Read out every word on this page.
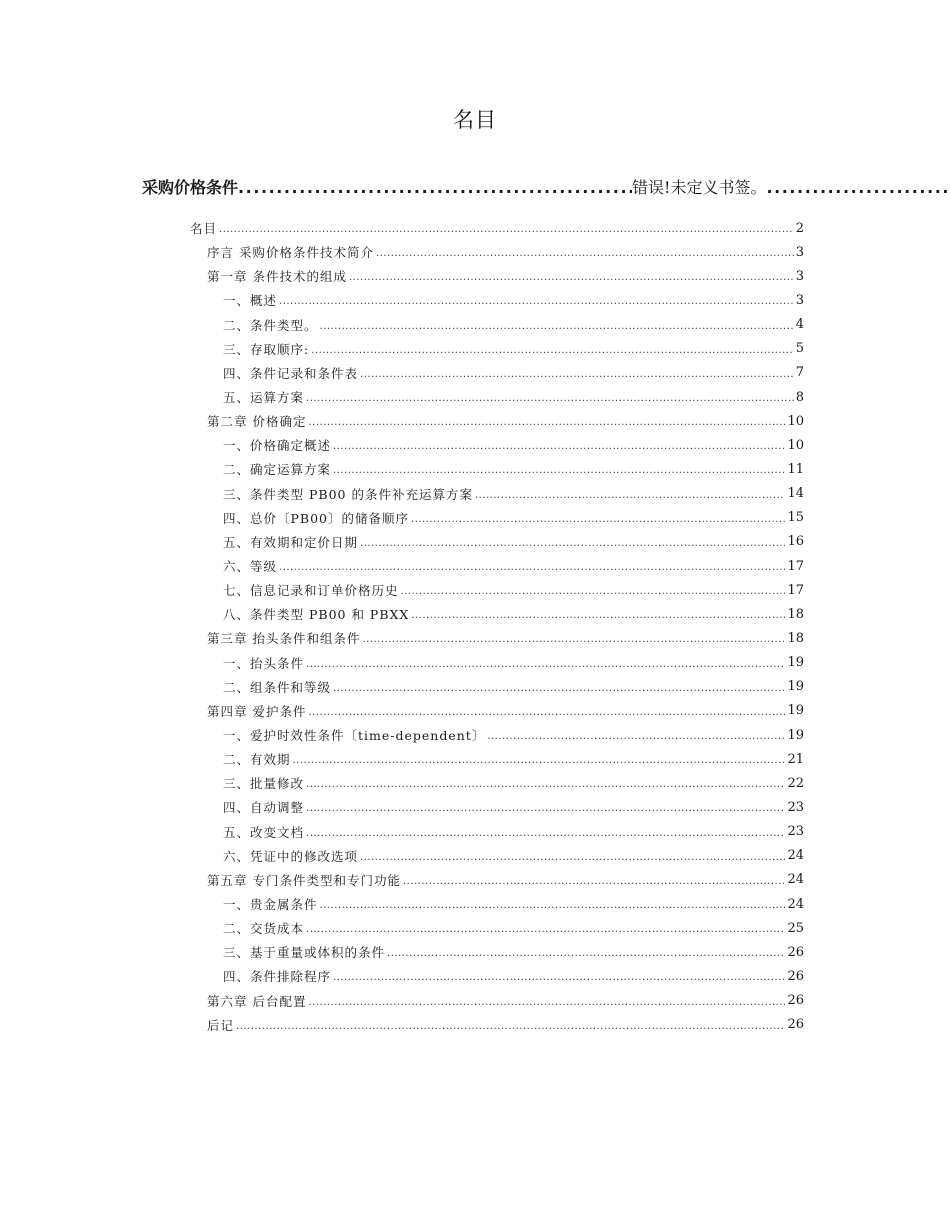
名目
采购价格条件 . . .	错误!未定义书签。
. . .
名目 .....	2
序言 采购价格条件技术简介 .....	3
第一章 条件技术的组成 .....	3
一、概述 .....	3
二、条件类型。 .....	4
三、存取顺序: .....	5
四、条件记录和条件表 .....	7
五、运算方案 .....	8
第二章 价格确定 .....	10
一、价格确定概述 .....	10
二、确定运算方案 .....	11
三、条件类型 PB00 的条件补充运算方案 .....	14
四、总价〔PB00〕的储备顺序 .....	15
五、有效期和定价日期 .....	16
六、等级 .....	17
七、信息记录和订单价格历史 .....	17
八、条件类型 PB00 和 PBXX .....	18
第三章 抬头条件和组条件 .....	18
一、抬头条件 .....	19
二、组条件和等级 .....	19
第四章 爱护条件 .....	19
一、爱护时效性条件〔time-dependent〕 .....	19
二、有效期 .....	21
三、批量修改 .....	22
四、自动调整 .....	23
五、改变文档 .....	23
六、凭证中的修改选项 .....	24
第五章 专门条件类型和专门功能 .....	24
一、贵金属条件 .....	24
二、交货成本 .....	25
三、基于重量或体积的条件 .....	26
四、条件排除程序 .....	26
第六章 后台配置 .....	26
后记 .....	26
